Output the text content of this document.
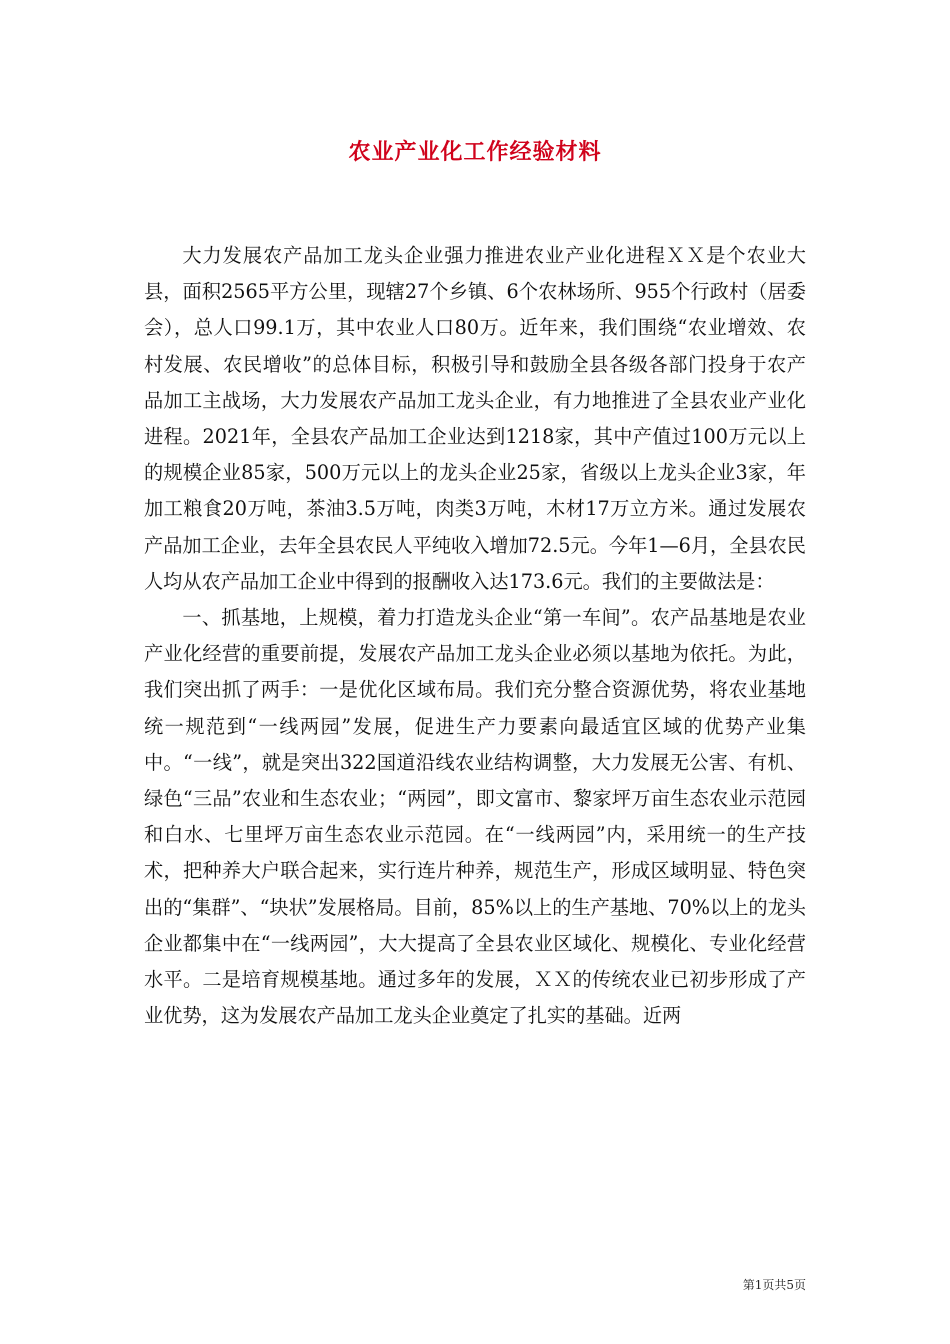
农业产业化工作经验材料

大力发展农产品加工龙头企业强力推进农业产业化进程ＸＸ是个农业大县，面积2565平方公里，现辖27个乡镇、6个农林场所、955个行政村（居委会），总人口99.1万，其中农业人口80万。近年来，我们围绕“农业增效、农村发展、农民增收”的总体目标，积极引导和鼓励全县各级各部门投身于农产品加工主战场，大力发展农产品加工龙头企业，有力地推进了全县农业产业化进程。2021年，全县农产品加工企业达到1218家，其中产值过100万元以上的规模企业85家，500万元以上的龙头企业25家，省级以上龙头企业3家，年加工粮食20万吨，茶油3.5万吨，肉类3万吨，木材17万立方米。通过发展农产品加工企业，去年全县农民人平纯收入增加72.5元。今年1—6月，全县农民人均从农产品加工企业中得到的报酬收入达173.6元。我们的主要做法是：

一、抓基地，上规模，着力打造龙头企业“第一车间”。农产品基地是农业产业化经营的重要前提，发展农产品加工龙头企业必须以基地为依托。为此，我们突出抓了两手：一是优化区域布局。我们充分整合资源优势，将农业基地统一规范到“一线两园”发展，促进生产力要素向最适宜区域的优势产业集中。“一线”，就是突出322国道沿线农业结构调整，大力发展无公害、有机、绿色“三品”农业和生态农业；“两园”，即文富市、黎家坪万亩生态农业示范园和白水、七里坪万亩生态农业示范园。在“一线两园”内，采用统一的生产技术，把种养大户联合起来，实行连片种养，规范生产，形成区域明显、特色突出的“集群”、“块状”发展格局。目前，85%以上的生产基地、70%以上的龙头企业都集中在“一线两园”，大大提高了全县农业区域化、规模化、专业化经营水平。二是培育规模基地。通过多年的发展，ＸＸ的传统农业已初步形成了产业优势，这为发展农产品加工龙头企业奠定了扎实的基础。近两

第1页共5页
